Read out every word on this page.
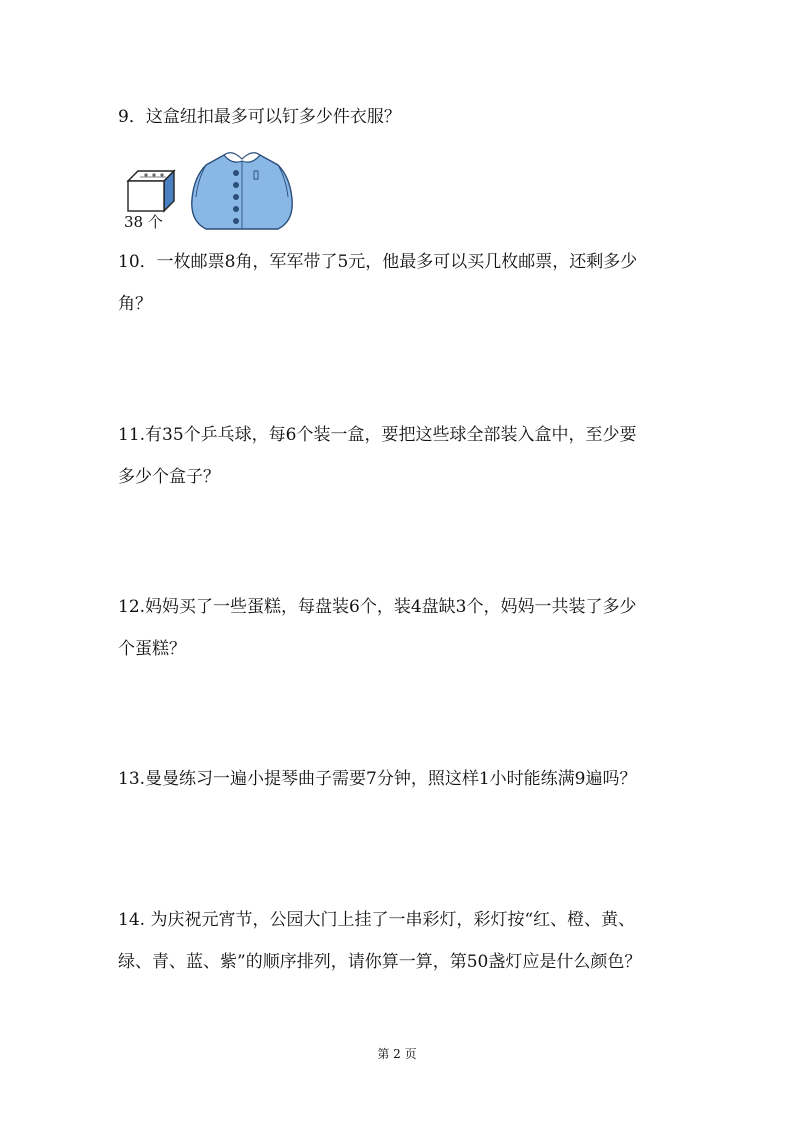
9．这盒纽扣最多可以钉多少件衣服？
38 个
10．一枚邮票8角，军军带了5元，他最多可以买几枚邮票，还剩多少
角？
11.有35个乒乓球，每6个装一盒，要把这些球全部装入盒中，至少要
多少个盒子？
12.妈妈买了一些蛋糕，每盘装6个，装4盘缺3个，妈妈一共装了多少
个蛋糕？
13.曼曼练习一遍小提琴曲子需要7分钟，照这样1小时能练满9遍吗？
14. 为庆祝元宵节，公园大门上挂了一串彩灯，彩灯按“红、橙、黄、
绿、青、蓝、紫”的顺序排列，请你算一算，第50盏灯应是什么颜色？
第 2 页
